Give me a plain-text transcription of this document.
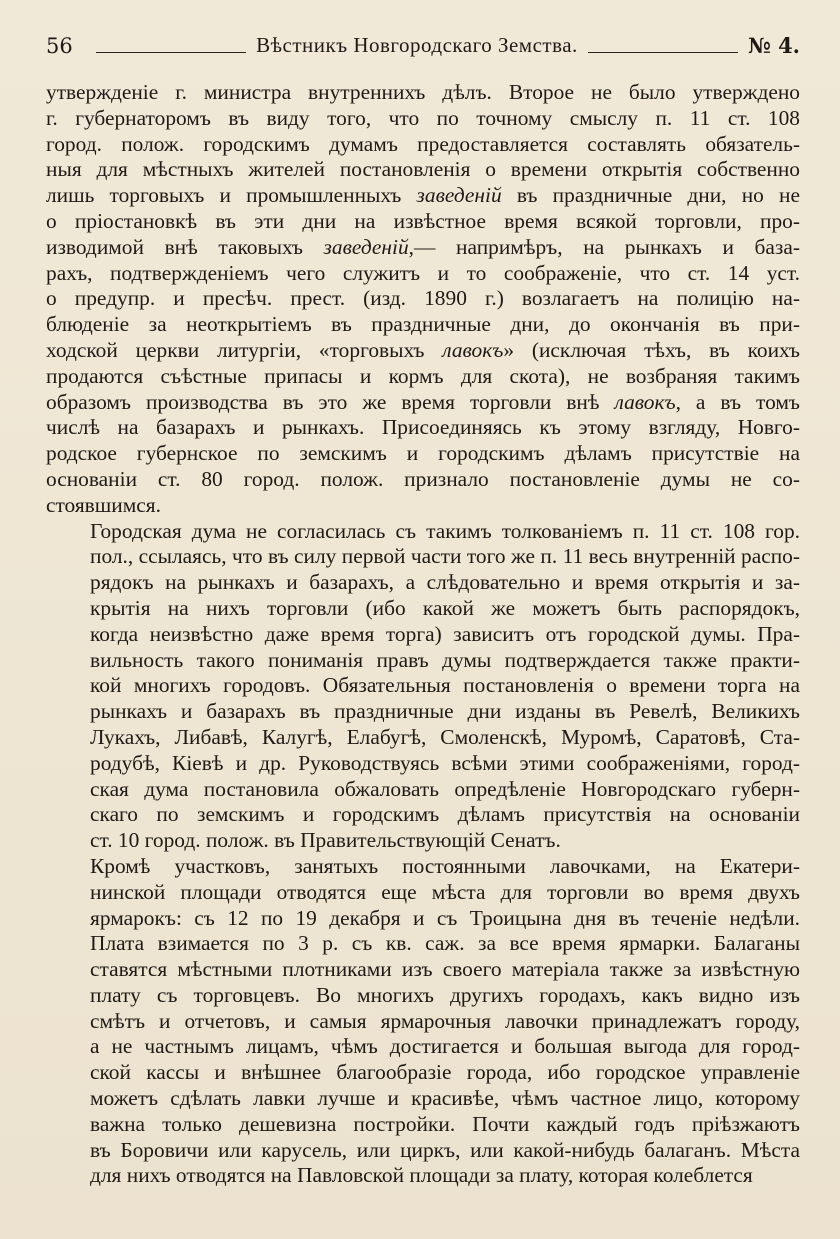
56	Вѣстникъ Новгородскаго Земства.	№ 4.

утвержденіе г. министра внутреннихъ дѣлъ. Второе не было утверждено
г. губернаторомъ въ виду того, что по точному смыслу п. 11 ст. 108
город. полож. городскимъ думамъ предоставляется составлять обязатель-
ныя для мѣстныхъ жителей постановленія о времени открытія собственно
лишь торговыхъ и промышленныхъ заведеній въ праздничные дни, но не
о пріостановкѣ въ эти дни на извѣстное время всякой торговли, про-
изводимой внѣ таковыхъ заведеній,— напримѣръ, на рынкахъ и база-
рахъ, подтвержденіемъ чего служитъ и то соображеніе, что ст. 14 уст.
о предупр. и пресѣч. прест. (изд. 1890 г.) возлагаетъ на полицію на-
блюденіе за неоткрытіемъ въ праздничные дни, до окончанія въ при-
ходской церкви литургіи, «торговыхъ лавокъ» (исключая тѣхъ, въ коихъ
продаются съѣстные припасы и кормъ для скота), не возбраняя такимъ
образомъ производства въ это же время торговли внѣ лавокъ, а въ томъ
числѣ на базарахъ и рынкахъ. Присоединяясь къ этому взгляду, Новго-
родское губернское по земскимъ и городскимъ дѣламъ присутствіе на
основаніи ст. 80 город. полож. признало постановленіе думы не со-
стоявшимся.

Городская дума не согласилась съ такимъ толкованіемъ п. 11 ст. 108 гор.
пол., ссылаясь, что въ силу первой части того же п. 11 весь внутренній распо-
рядокъ на рынкахъ и базарахъ, а слѣдовательно и время открытія и за-
крытія на нихъ торговли (ибо какой же можетъ быть распорядокъ,
когда неизвѣстно даже время торга) зависитъ отъ городской думы. Пра-
вильность такого пониманія правъ думы подтверждается также практи-
кой многихъ городовъ. Обязательныя постановленія о времени торга на
рынкахъ и базарахъ въ праздничные дни изданы въ Ревелѣ, Великихъ
Лукахъ, Либавѣ, Калугѣ, Елабугѣ, Смоленскѣ, Муромѣ, Саратовѣ, Ста-
родубѣ, Кіевѣ и др. Руководствуясь всѣми этими соображеніями, город-
ская дума постановила обжаловать опредѣленіе Новгородскаго губерн-
скаго по земскимъ и городскимъ дѣламъ присутствія на основаніи
ст. 10 город. полож. въ Правительствующій Сенатъ.

Кромѣ участковъ, занятыхъ постоянными лавочками, на Екатери-
нинской площади отводятся еще мѣста для торговли во время двухъ
ярмарокъ: съ 12 по 19 декабря и съ Троицына дня въ теченіе недѣли.
Плата взимается по 3 р. съ кв. саж. за все время ярмарки. Балаганы
ставятся мѣстными плотниками изъ своего матеріала также за извѣстную
плату съ торговцевъ. Во многихъ другихъ городахъ, какъ видно изъ
смѣтъ и отчетовъ, и самыя ярмарочныя лавочки принадлежатъ городу,
а не частнымъ лицамъ, чѣмъ достигается и большая выгода для город-
ской кассы и внѣшнее благообразіе города, ибо городское управленіе
можетъ сдѣлать лавки лучше и красивѣе, чѣмъ частное лицо, которому
важна только дешевизна постройки. Почти каждый годъ пріѣзжаютъ
въ Боровичи или карусель, или циркъ, или какой-нибудь балаганъ. Мѣста
для нихъ отводятся на Павловской площади за плату, которая колеблется
